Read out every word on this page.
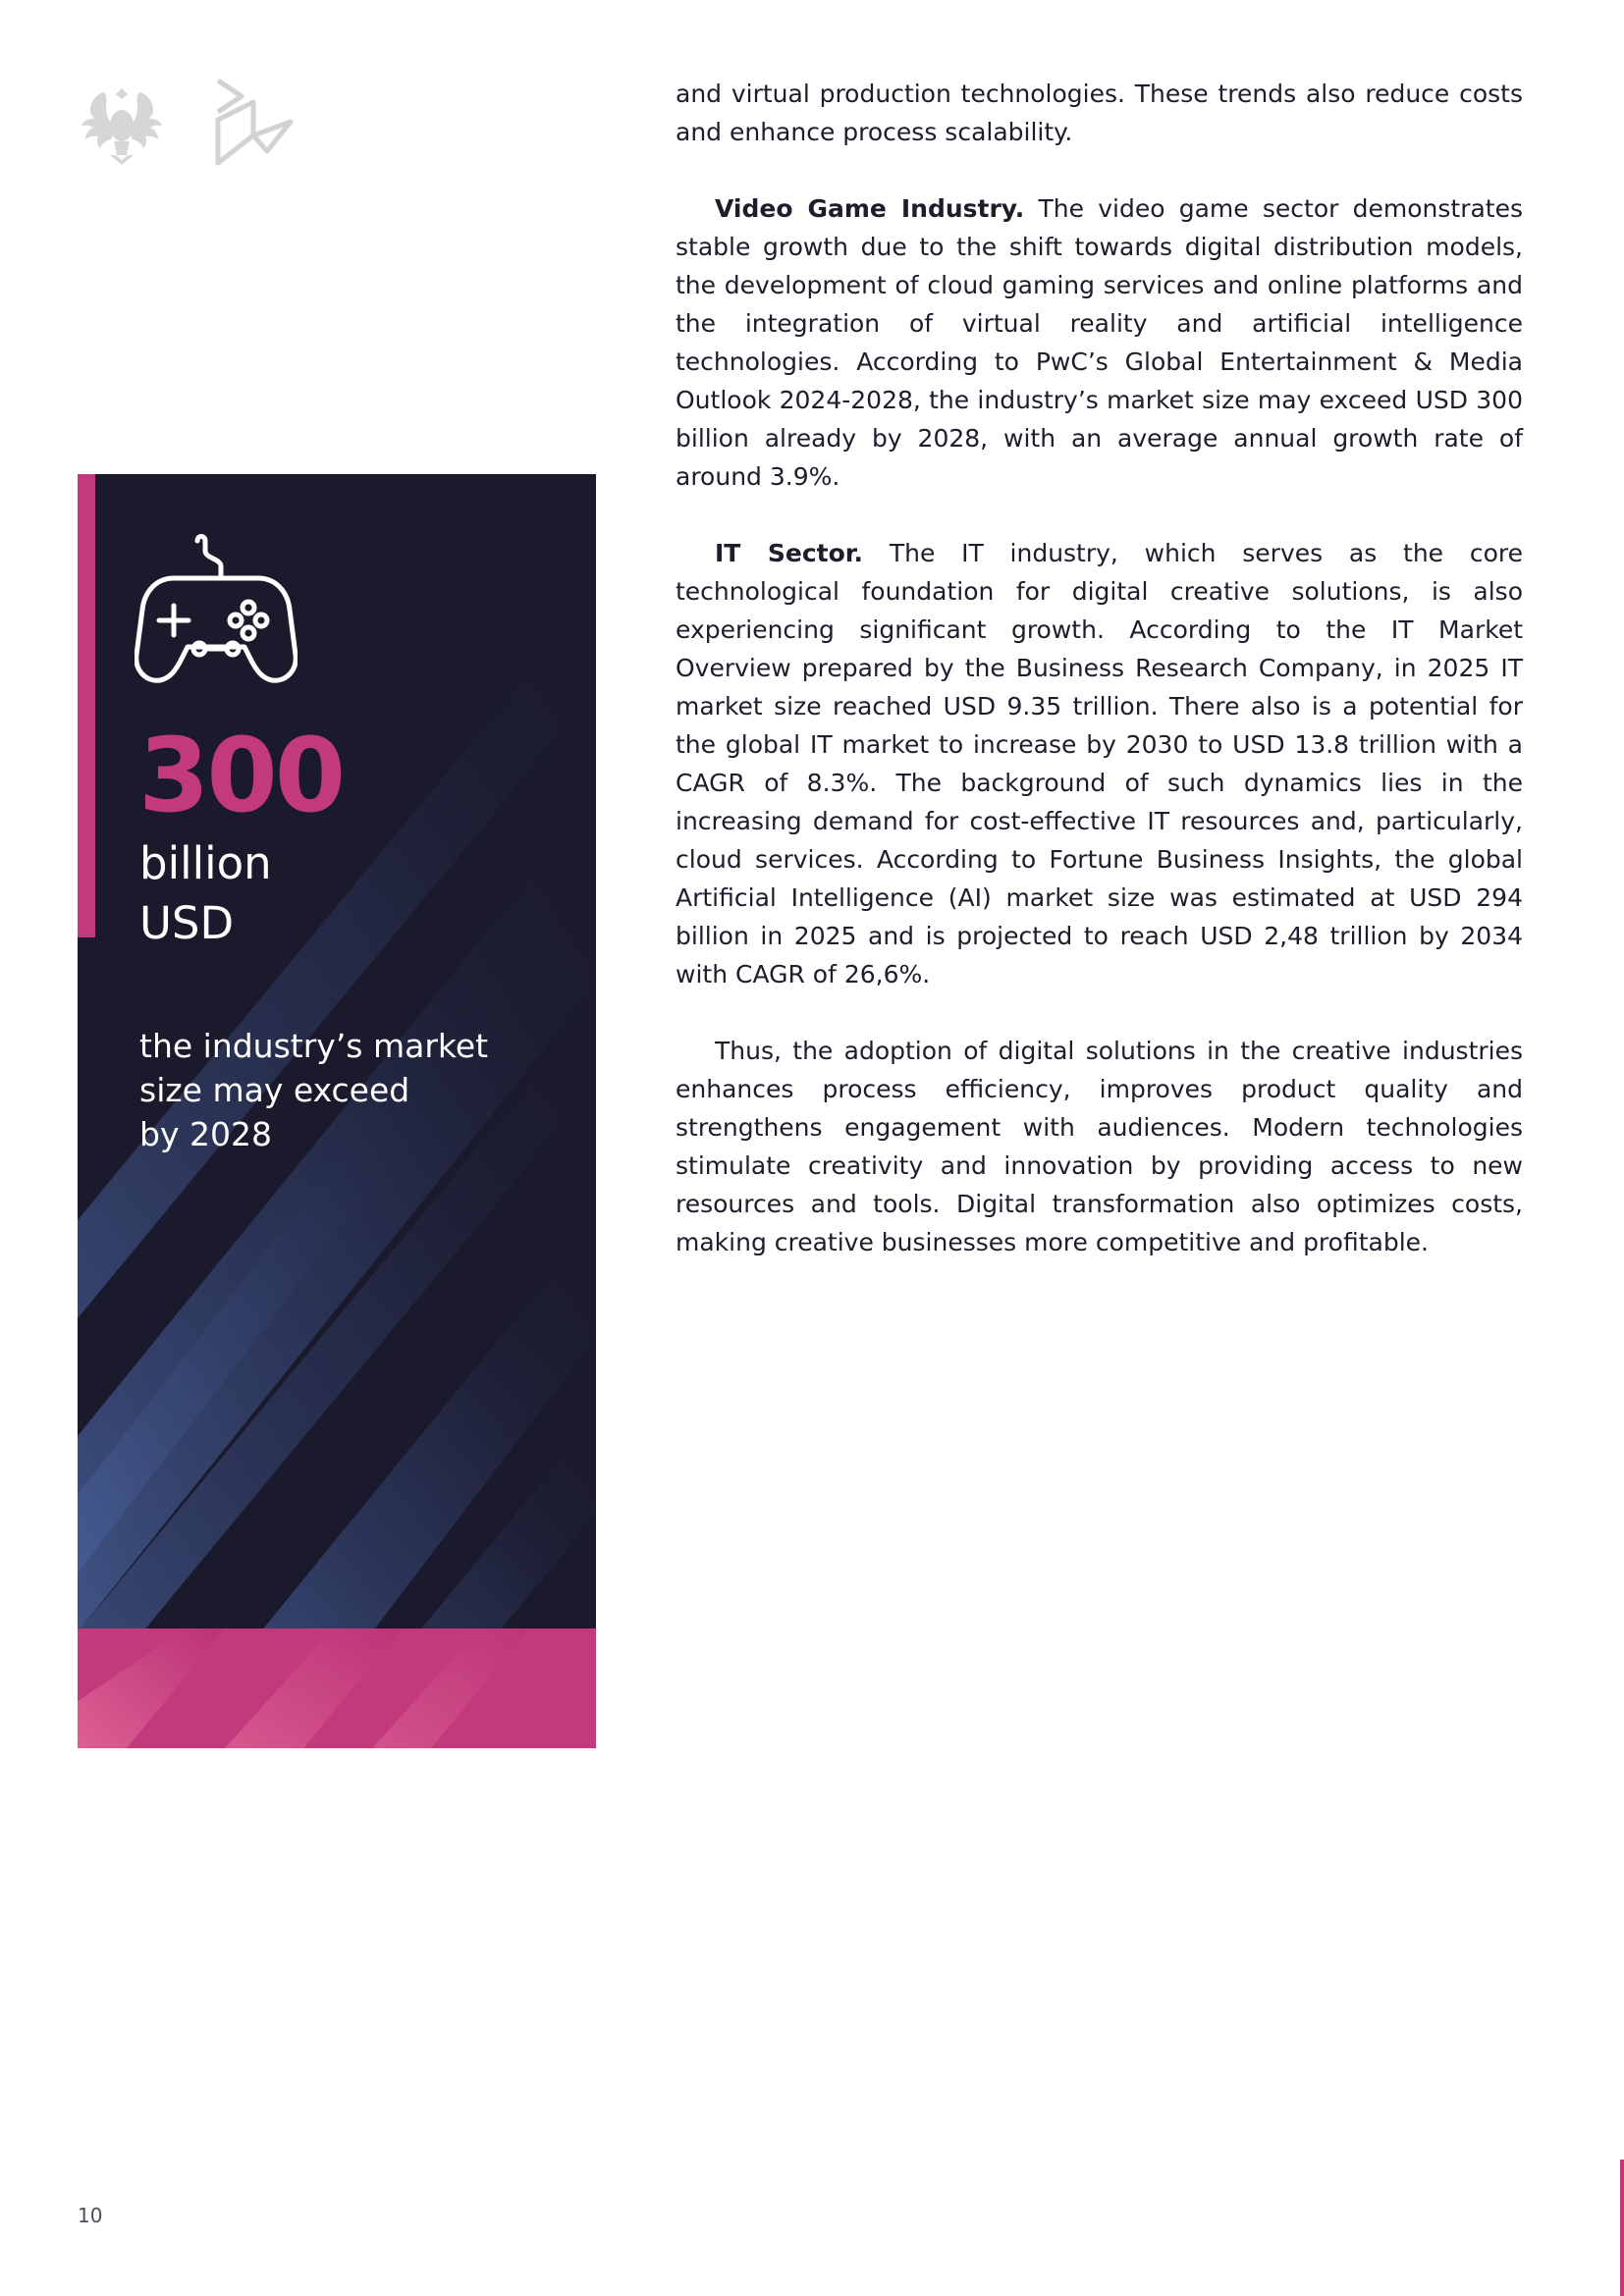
300

billion
USD

the industry’s market
size may exceed
by 2028

and virtual production technologies. These trends also reduce costs and enhance process scalability.

Video Game Industry. The video game sector demonstrates stable growth due to the shift towards digital distribution models, the development of cloud gaming services and online platforms and the integration of virtual reality and artificial intelligence technologies. According to PwC’s Global Entertainment & Media Outlook 2024-2028, the industry’s market size may exceed USD 300 billion already by 2028, with an average annual growth rate of around 3.9%.

IT Sector. The IT industry, which serves as the core technological foundation for digital creative solutions, is also experiencing significant growth. According to the IT Market Overview prepared by the Business Research Company, in 2025 IT market size reached USD 9.35 trillion. There also is a potential for the global IT market to increase by 2030 to USD 13.8 trillion with a CAGR of 8.3%. The background of such dynamics lies in the increasing demand for cost-effective IT resources and, particularly, cloud services. According to Fortune Business Insights, the global Artificial Intelligence (AI) market size was estimated at USD 294 billion in 2025 and is projected to reach USD 2,48 trillion by 2034 with CAGR of 26,6%.

Thus, the adoption of digital solutions in the creative industries enhances process efficiency, improves product quality and strengthens engagement with audiences. Modern technologies stimulate creativity and innovation by providing access to new resources and tools. Digital transformation also optimizes costs, making creative businesses more competitive and profitable.

10
